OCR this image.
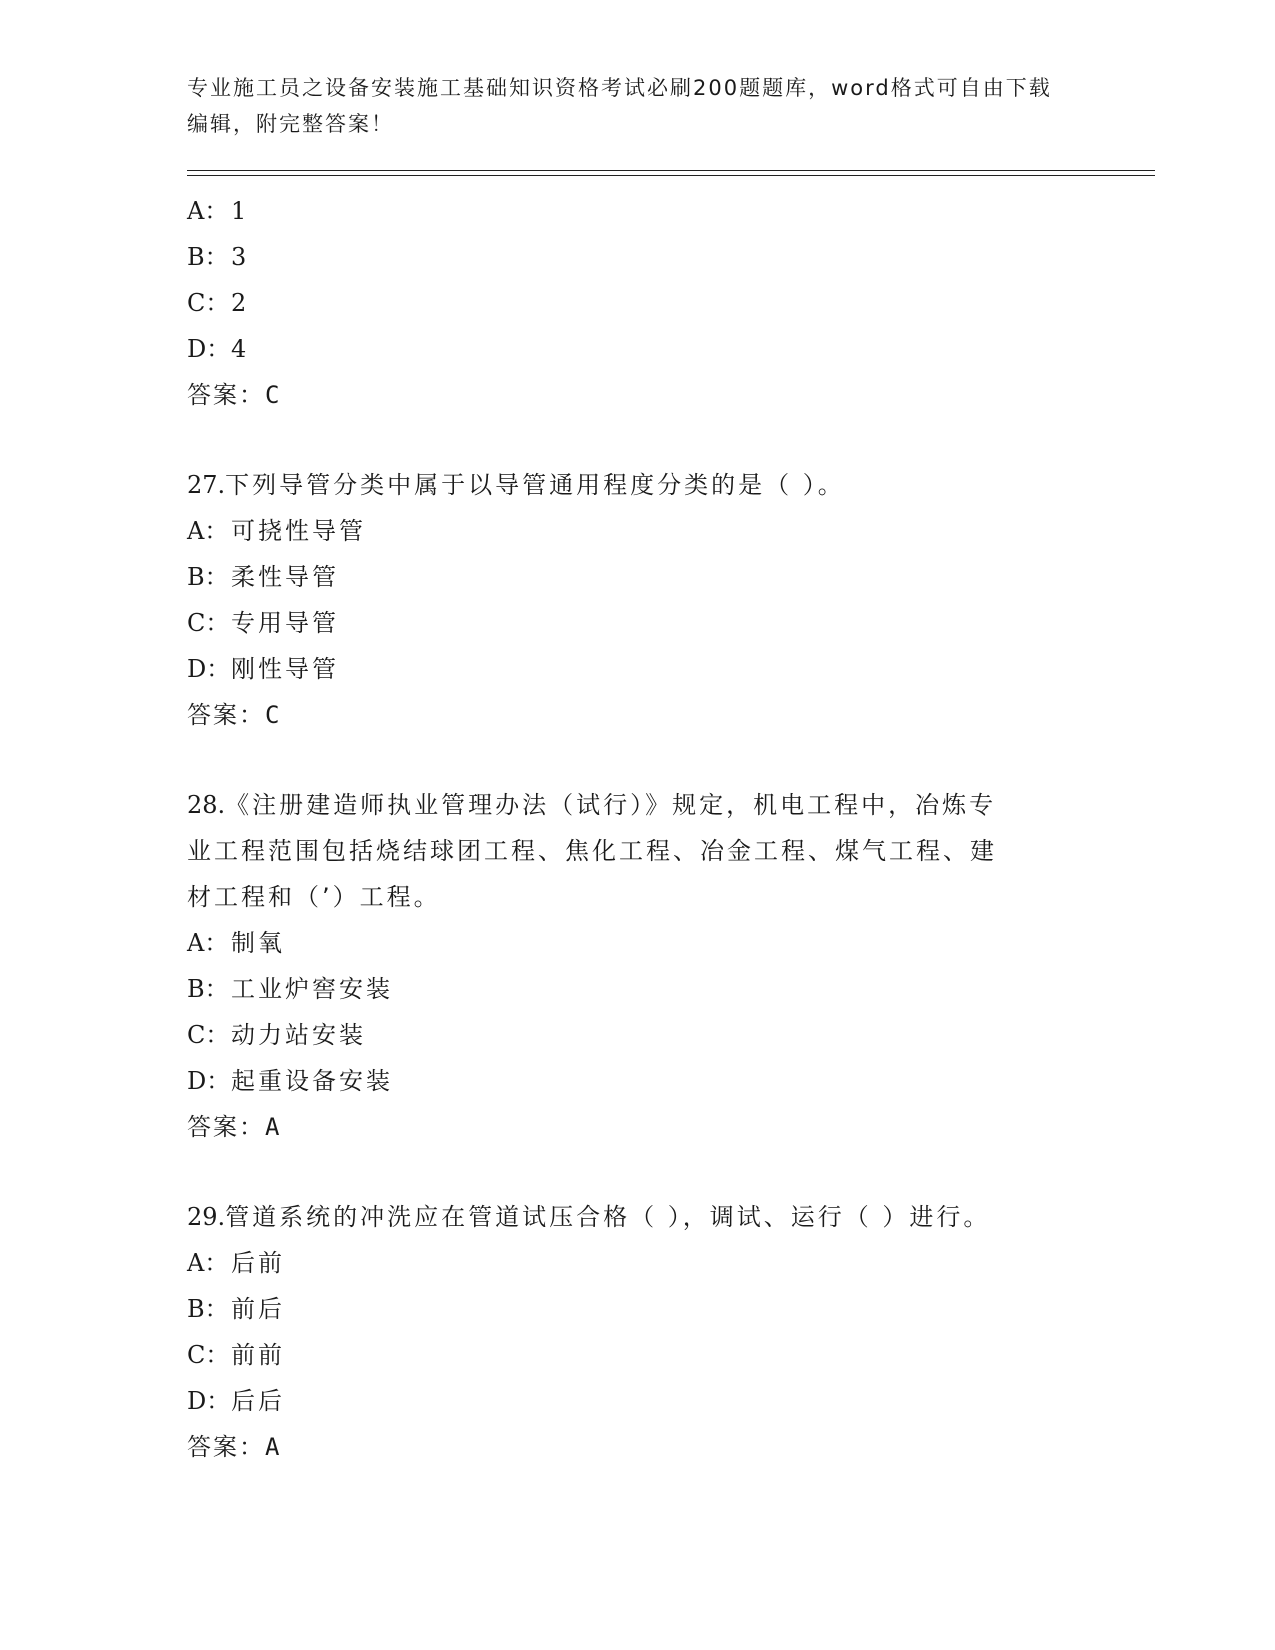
专业施工员之设备安装施工基础知识资格考试必刷200题题库，word格式可自由下载编辑，附完整答案！
A： 1
B：3
C：2
D：4
答案：C
27.下列导管分类中属于以导管通用程度分类的是（ ）。
A： 可挠性导管
B：柔性导管
C：专用导管
D：刚性导管
答案：C
28.《注册建造师执业管理办法（试行）》规定，机电工程中，冶炼专
业工程范围包括烧结球团工程、焦化工程、冶金工程、煤气工程、建
材工程和（’）工程。
A： 制氧
B：工业炉窖安装
C：动力站安装
D：起重设备安装
答案：A
29.管道系统的冲洗应在管道试压合格（ ），调试、运行（ ）进行。
A： 后前
B：前后
C：前前
D：后后
答案：A
